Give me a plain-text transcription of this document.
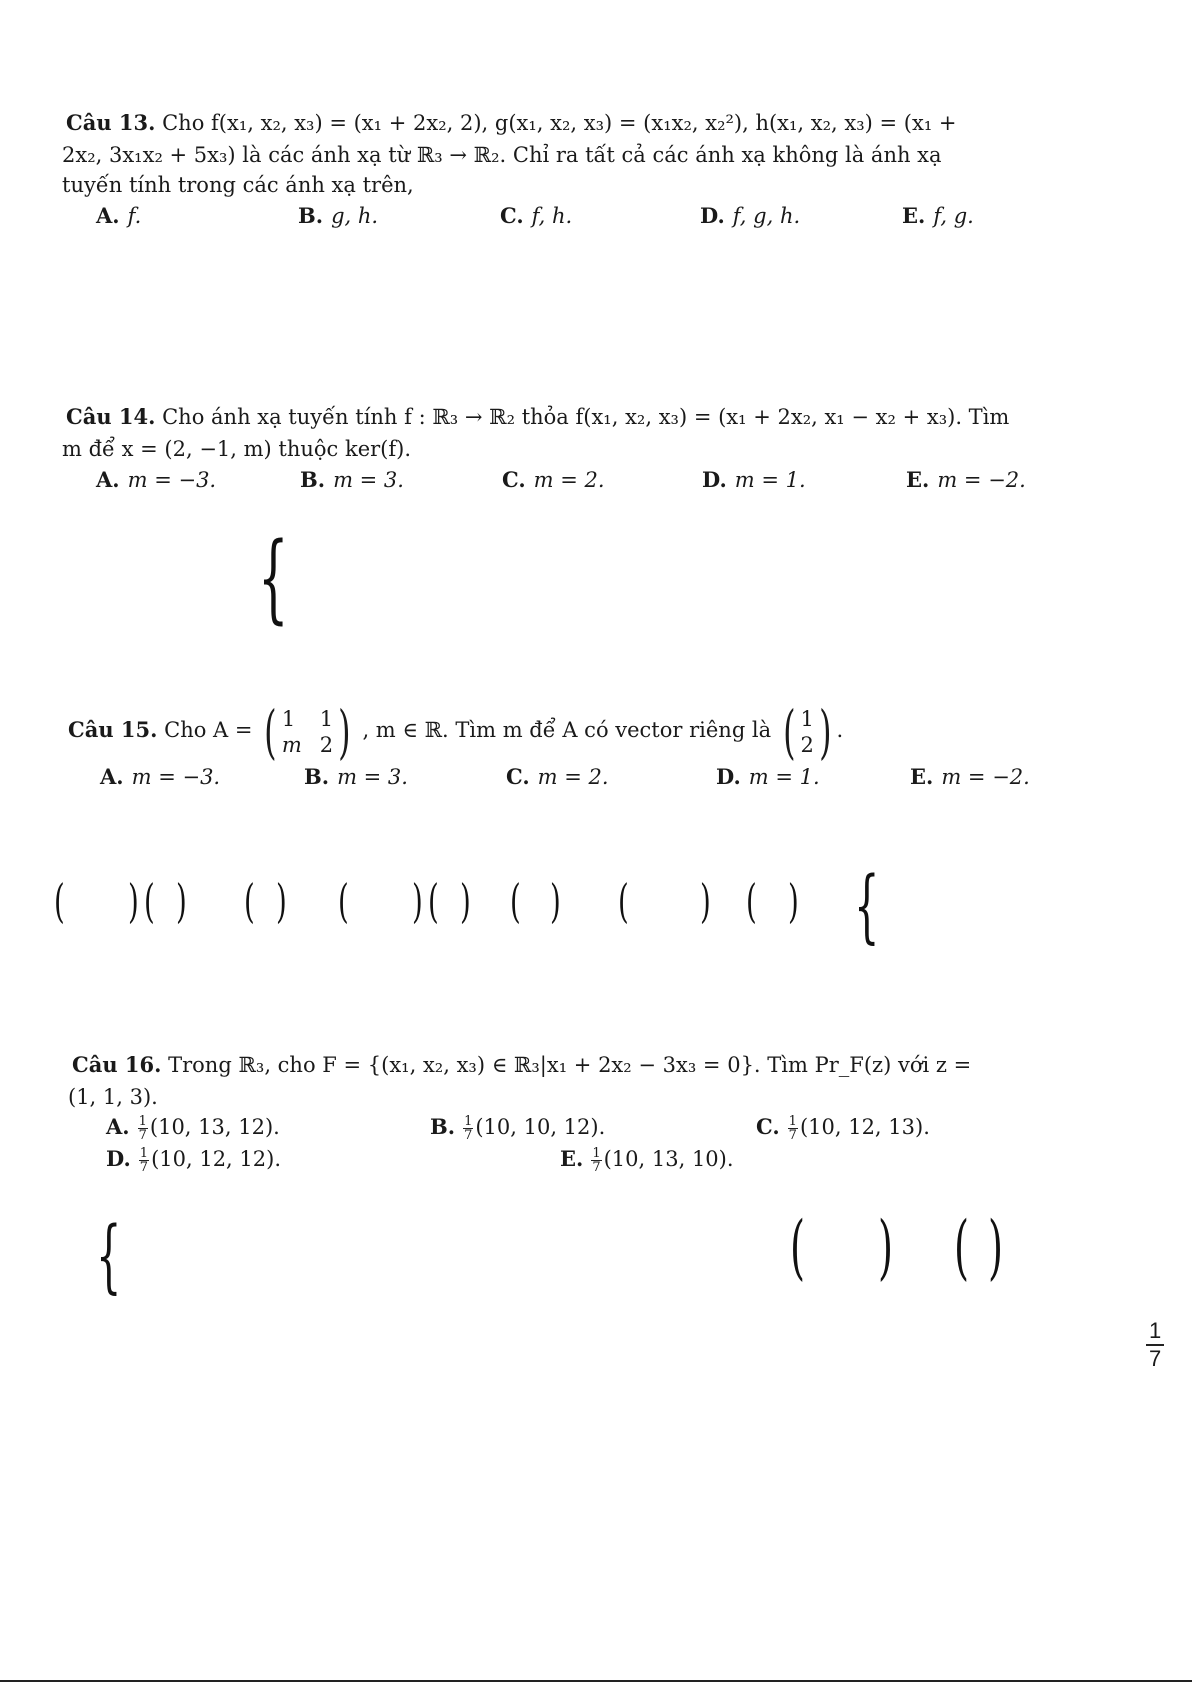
Câu 13. Cho f(x₁, x₂, x₃) = (x₁ + 2x₂, 2), g(x₁, x₂, x₃) = (x₁x₂, x₂²), h(x₁, x₂, x₃) = (x₁ +
2x₂, 3x₁x₂ + 5x₃) là các ánh xạ từ ℝ₃ → ℝ₂. Chỉ ra tất cả các ánh xạ không là ánh xạ
tuyến tính trong các ánh xạ trên,
A. f.	B. g, h.	C. f, h.	D. f, g, h.	E. f, g.
Câu 14. Cho ánh xạ tuyến tính f : ℝ₃ → ℝ₂ thỏa f(x₁, x₂, x₃) = (x₁ + 2x₂, x₁ − x₂ + x₃). Tìm
m để x = (2, −1, m) thuộc ker(f).
A. m = −3.	B. m = 3.	C. m = 2.	D. m = 1.	E. m = −2.
{
Câu 15. Cho A = ( 1	1
m 2 ) , m ∈ ℝ. Tìm m để A có vector riêng là ( 1
2 ) .
A. m = −3.	B. m = 3.	C. m = 2.	D. m = 1.	E. m = −2.
( ) ( ) ( ) ( ) ( ) ( ) ( ) ( ) {
Câu 16. Trong ℝ₃, cho F = {(x₁, x₂, x₃) ∈ ℝ₃|x₁ + 2x₂ − 3x₃ = 0}. Tìm Pr_F(z) với z =
(1, 1, 3).
A. $\frac{1}{7} (10$, 13, 12).	B. $\frac{1}{7} (10$, 10, 12).	C. $\frac{1}{7} (10$, 12, 13).
D. $\frac{1}{7} (10$, 12, 12).	E. $\frac{1}{7} (10$, 13, 10).
{	( ) ( )
1
7
